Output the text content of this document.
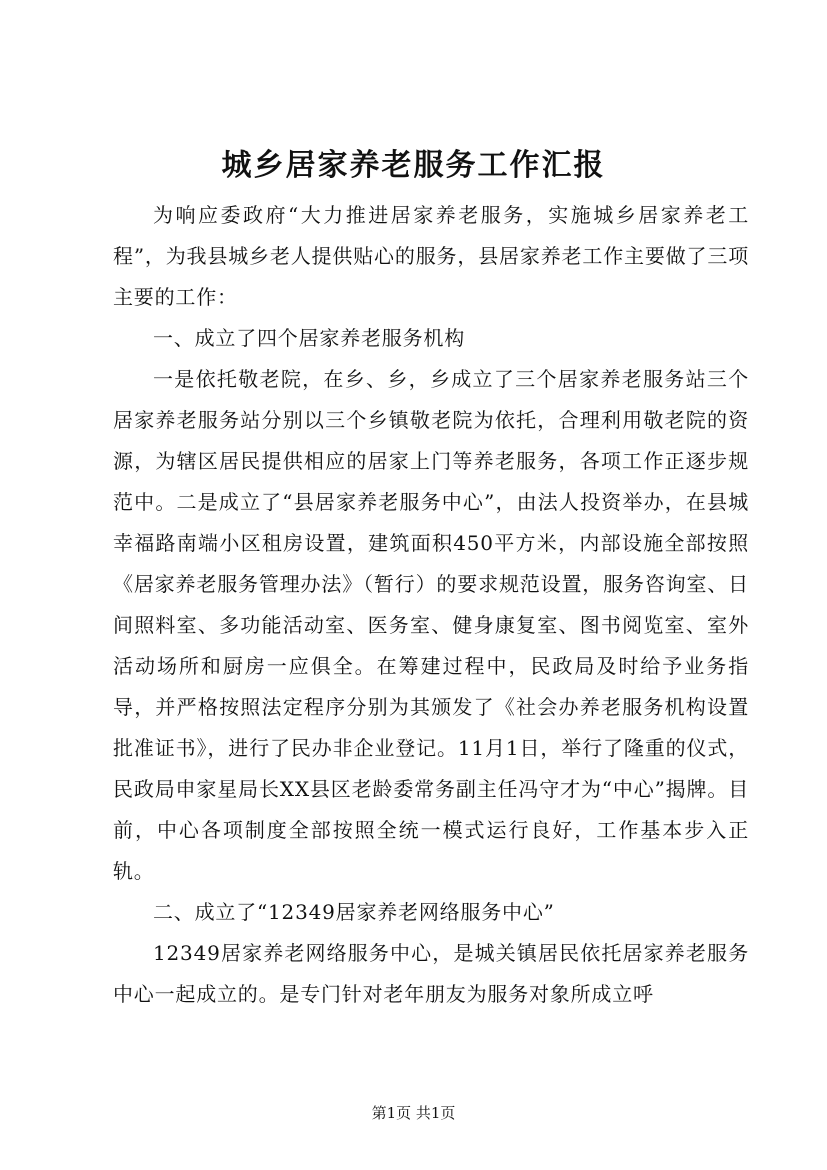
城乡居家养老服务工作汇报

为响应委政府“大力推进居家养老服务，实施城乡居家养老工程”，为我县城乡老人提供贴心的服务，县居家养老工作主要做了三项主要的工作：

一、成立了四个居家养老服务机构

一是依托敬老院，在乡、乡，乡成立了三个居家养老服务站三个居家养老服务站分别以三个乡镇敬老院为依托，合理利用敬老院的资源，为辖区居民提供相应的居家上门等养老服务，各项工作正逐步规范中。二是成立了“县居家养老服务中心”，由法人投资举办，在县城幸福路南端小区租房设置，建筑面积450平方米，内部设施全部按照《居家养老服务管理办法》（暂行）的要求规范设置，服务咨询室、日间照料室、多功能活动室、医务室、健身康复室、图书阅览室、室外活动场所和厨房一应俱全。在筹建过程中，民政局及时给予业务指导，并严格按照法定程序分别为其颁发了《社会办养老服务机构设置批准证书》，进行了民办非企业登记。11月1日，举行了隆重的仪式，民政局申家星局长XX县区老龄委常务副主任冯守才为“中心”揭牌。目前，中心各项制度全部按照全统一模式运行良好，工作基本步入正轨。

二、成立了“12349居家养老网络服务中心”

12349居家养老网络服务中心，是城关镇居民依托居家养老服务中心一起成立的。是专门针对老年朋友为服务对象所成立呼

第1页 共1页
